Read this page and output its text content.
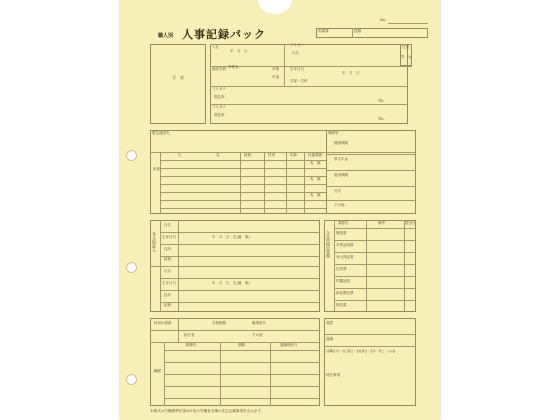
職人別 人事記録パック
No.
所属課	役職
写　真
性別
男・女
入社
年　月　日
フリガナ
氏名
最終学歴 学校名	卒業
中退
生年月日
年　月　日
学部・学科
フリガナ
現住所
TEL
フリガナ
現住所
TEL
緊急連絡先
家族
氏	名	続柄	性別	年齢	扶養義務
有　無
有　無
有　無
保険等
健康保険
厚生年金
雇用保険
労災
その他
身元保証人
氏名
生年月日	年　月　日　生(満　歳)
住所
続柄
氏名
生年月日	年　月　日　生(満　歳)
住所
続柄
入社時提出書類
書類名	備考	提出日
履歴書
卒業証明書
身元保証書
住民票
印鑑証明
源泉徴収票
誓約書
採用の経緯
紹介者
学校推薦	職業紹介
その他
職歴
勤務先	期間	退職時給与
賞罰
退職
(退職区分)：自己都合・会社都合・定年・死亡・その他
特記事項
本様式は労働基準法第107条の労働者名簿の法定記載事項を含みます。
